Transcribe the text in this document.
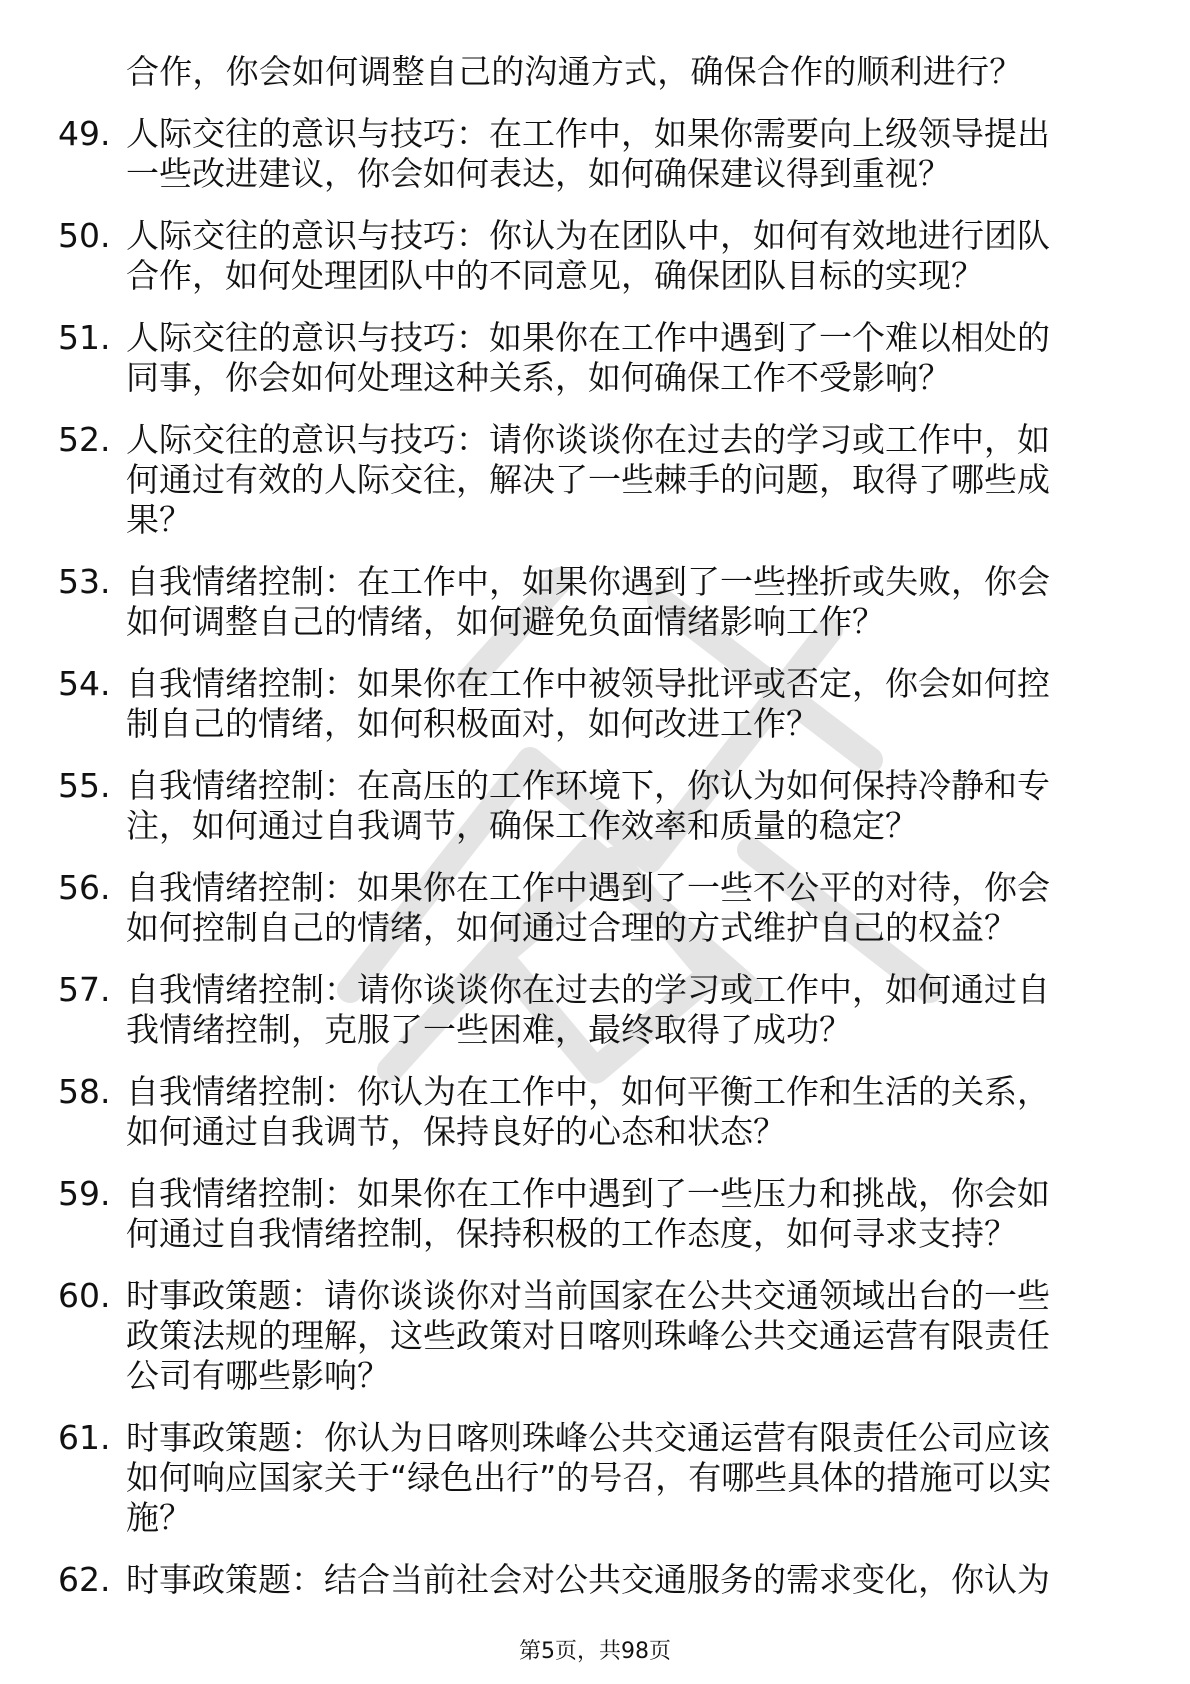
合作，你会如何调整自己的沟通方式，确保合作的顺利进行？
49. 人际交往的意识与技巧：在工作中，如果你需要向上级领导提出
一些改进建议，你会如何表达，如何确保建议得到重视？
50. 人际交往的意识与技巧：你认为在团队中，如何有效地进行团队
合作，如何处理团队中的不同意见，确保团队目标的实现？
51. 人际交往的意识与技巧：如果你在工作中遇到了一个难以相处的
同事，你会如何处理这种关系，如何确保工作不受影响？
52. 人际交往的意识与技巧：请你谈谈你在过去的学习或工作中，如
何通过有效的人际交往，解决了一些棘手的问题，取得了哪些成
果？
53. 自我情绪控制：在工作中，如果你遇到了一些挫折或失败，你会
如何调整自己的情绪，如何避免负面情绪影响工作？
54. 自我情绪控制：如果你在工作中被领导批评或否定，你会如何控
制自己的情绪，如何积极面对，如何改进工作？
55. 自我情绪控制：在高压的工作环境下，你认为如何保持冷静和专
注，如何通过自我调节，确保工作效率和质量的稳定？
56. 自我情绪控制：如果你在工作中遇到了一些不公平的对待，你会
如何控制自己的情绪，如何通过合理的方式维护自己的权益？
57. 自我情绪控制：请你谈谈你在过去的学习或工作中，如何通过自
我情绪控制，克服了一些困难，最终取得了成功？
58. 自我情绪控制：你认为在工作中，如何平衡工作和生活的关系，
如何通过自我调节，保持良好的心态和状态？
59. 自我情绪控制：如果你在工作中遇到了一些压力和挑战，你会如
何通过自我情绪控制，保持积极的工作态度，如何寻求支持？
60. 时事政策题：请你谈谈你对当前国家在公共交通领域出台的一些
政策法规的理解，这些政策对日喀则珠峰公共交通运营有限责任
公司有哪些影响？
61. 时事政策题：你认为日喀则珠峰公共交通运营有限责任公司应该
如何响应国家关于“绿色出行”的号召，有哪些具体的措施可以实
施？
62. 时事政策题：结合当前社会对公共交通服务的需求变化，你认为
第5页，共98页
